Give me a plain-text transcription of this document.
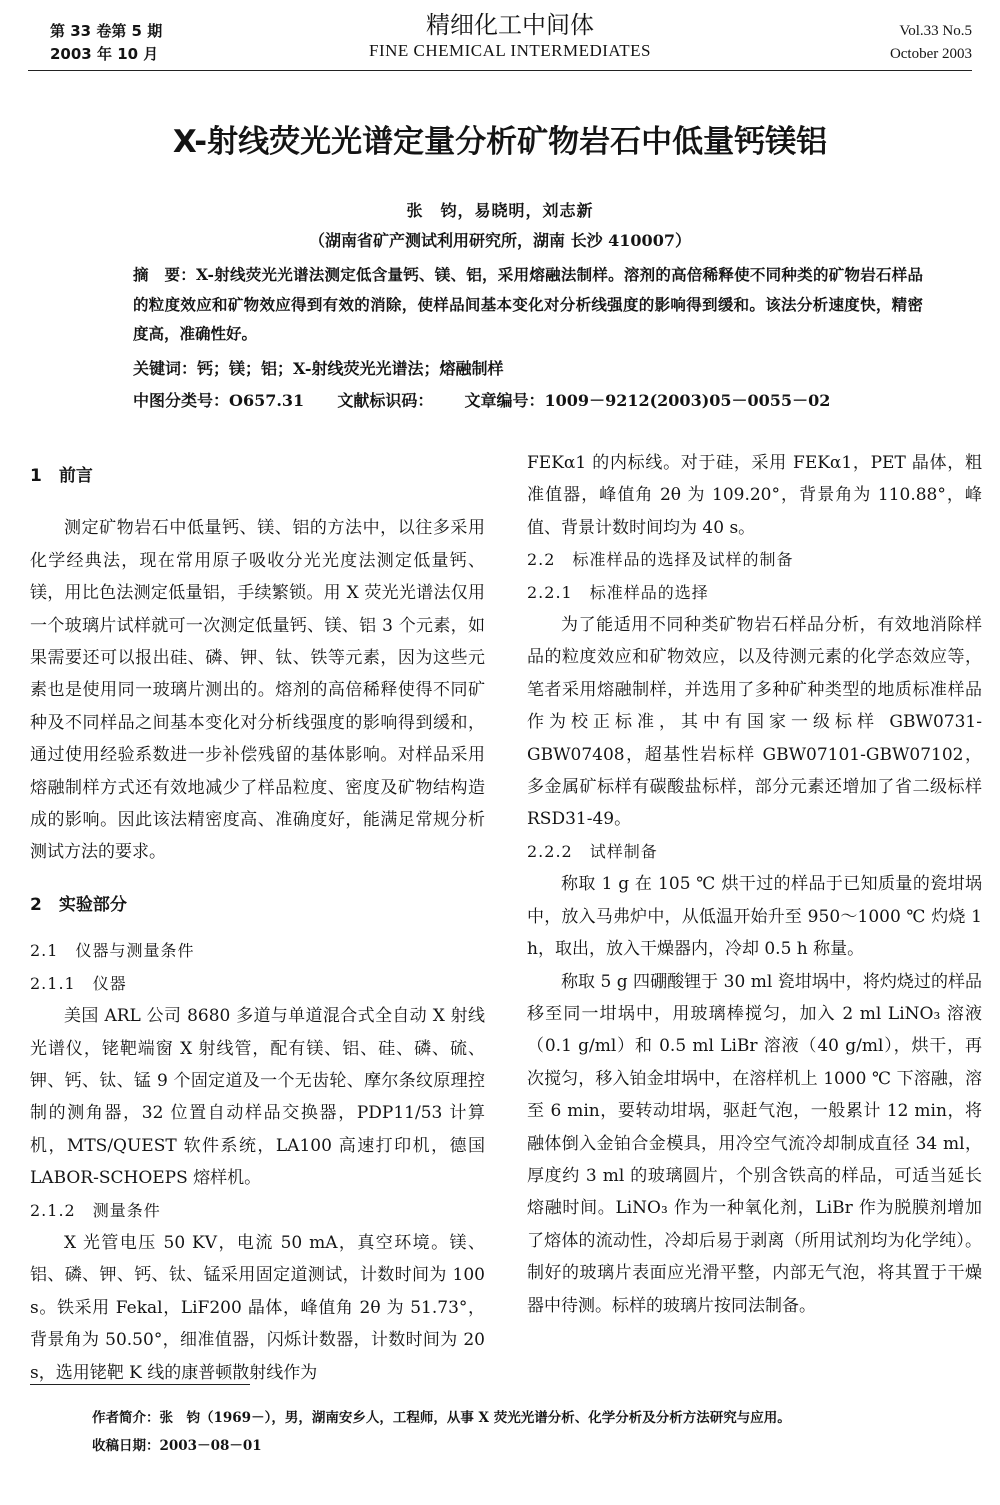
第 33 卷第 5 期
2003 年 10 月
精细化工中间体
FINE CHEMICAL INTERMEDIATES
Vol.33 No.5
October 2003
X-射线荧光光谱定量分析矿物岩石中低量钙镁铝
张　钧，易晓明，刘志新
（湖南省矿产测试利用研究所，湖南 长沙 410007）
摘　要：X-射线荧光光谱法测定低含量钙、镁、铝，采用熔融法制样。溶剂的高倍稀释使不同种类的矿物岩石样品的粒度效应和矿物效应得到有效的消除，使样品间基本变化对分析线强度的影响得到缓和。该法分析速度快，精密度高，准确性好。
关键词：钙；镁；铝；X-射线荧光光谱法；熔融制样
中图分类号：O657.31 文献标识码： 文章编号：1009－9212(2003)05－0055－02

1　前言

测定矿物岩石中低量钙、镁、铝的方法中，以往多采用化学经典法，现在常用原子吸收分光光度法测定低量钙、镁，用比色法测定低量铝，手续繁锁。用 X 荧光光谱法仅用一个玻璃片试样就可一次测定低量钙、镁、铝 3 个元素，如果需要还可以报出硅、磷、钾、钛、铁等元素，因为这些元素也是使用同一玻璃片测出的。熔剂的高倍稀释使得不同矿种及不同样品之间基本变化对分析线强度的影响得到缓和，通过使用经验系数进一步补偿残留的基体影响。对样品采用熔融制样方式还有效地减少了样品粒度、密度及矿物结构造成的影响。因此该法精密度高、准确度好，能满足常规分析测试方法的要求。

2　实验部分

2.1　仪器与测量条件

2.1.1　仪器

美国 ARL 公司 8680 多道与单道混合式全自动 X 射线光谱仪，铑靶端窗 X 射线管，配有镁、铝、硅、磷、硫、钾、钙、钛、锰 9 个固定道及一个无齿轮、摩尔条纹原理控制的测角器，32 位置自动样品交换器，PDP11/53 计算机，MTS/QUEST 软件系统，LA100 高速打印机，德国 LABOR-SCHOEPS 熔样机。

2.1.2　测量条件

X 光管电压 50 KV，电流 50 mA，真空环境。镁、铝、磷、钾、钙、钛、锰采用固定道测试，计数时间为 100 s。铁采用 Fekal，LiF200 晶体，峰值角 2θ 为 51.73°，背景角为 50.50°，细准值器，闪烁计数器，计数时间为 20 s，选用铑靶 K 线的康普顿散射线作为

FEKα1 的内标线。对于硅，采用 FEKα1，PET 晶体，粗准值器，峰值角 2θ 为 109.20°，背景角为 110.88°，峰值、背景计数时间均为 40 s。

2.2　标准样品的选择及试样的制备

2.2.1　标准样品的选择

为了能适用不同种类矿物岩石样品分析，有效地消除样品的粒度效应和矿物效应，以及待测元素的化学态效应等，笔者采用熔融制样，并选用了多种矿种类型的地质标准样品作为校正标准，其中有国家一级标样 GBW0731-GBW07408，超基性岩标样 GBW07101-GBW07102，多金属矿标样有碳酸盐标样，部分元素还增加了省二级标样 RSD31-49。

2.2.2　试样制备

称取 1 g 在 105 ℃ 烘干过的样品于已知质量的瓷坩埚中，放入马弗炉中，从低温开始升至 950～1000 ℃ 灼烧 1 h，取出，放入干燥器内，冷却 0.5 h 称量。

称取 5 g 四硼酸锂于 30 ml 瓷坩埚中，将灼烧过的样品移至同一坩埚中，用玻璃棒搅匀，加入 2 ml LiNO₃ 溶液（0.1 g/ml）和 0.5 ml LiBr 溶液（40 g/ml），烘干，再次搅匀，移入铂金坩埚中，在溶样机上 1000 ℃ 下溶融，溶至 6 min，要转动坩埚，驱赶气泡，一般累计 12 min，将融体倒入金铂合金模具，用冷空气流冷却制成直径 34 ml，厚度约 3 ml 的玻璃圆片，个别含铁高的样品，可适当延长熔融时间。LiNO₃ 作为一种氧化剂，LiBr 作为脱膜剂增加了熔体的流动性，冷却后易于剥离（所用试剂均为化学纯）。制好的玻璃片表面应光滑平整，内部无气泡，将其置于干燥器中待测。标样的玻璃片按同法制备。

作者简介：张　钧（1969－），男，湖南安乡人，工程师，从事 X 荧光光谱分析、化学分析及分析方法研究与应用。
收稿日期：2003－08－01
